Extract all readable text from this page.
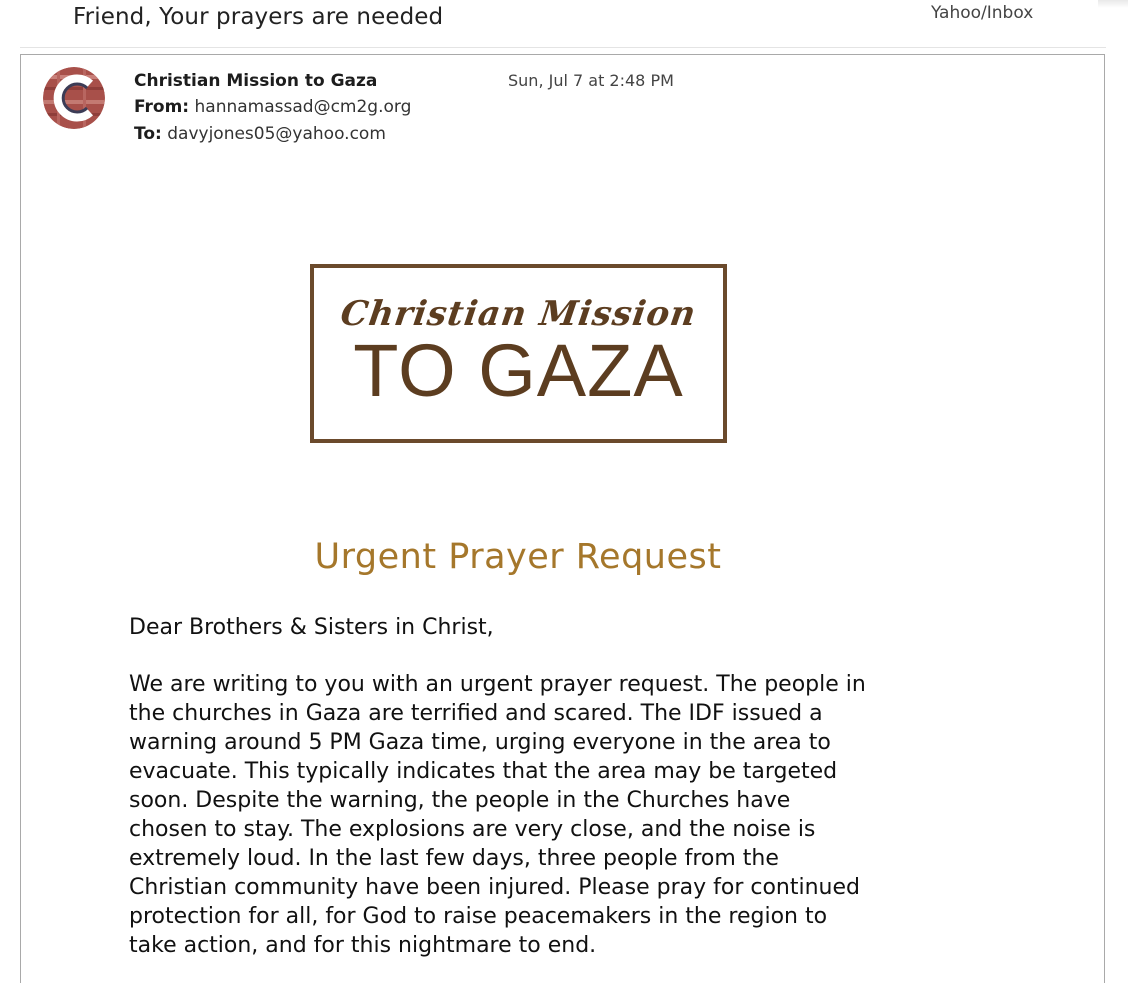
Friend, Your prayers are needed	Yahoo/Inbox
Christian Mission to Gaza	Sun, Jul 7 at 2:48 PM
From: hannamassad@cm2g.org
To: davyjones05@yahoo.com
Christian Mission
TO GAZA
Urgent Prayer Request
Dear Brothers & Sisters in Christ,
We are writing to you with an urgent prayer request. The people in
the churches in Gaza are terrified and scared. The IDF issued a
warning around 5 PM Gaza time, urging everyone in the area to
evacuate. This typically indicates that the area may be targeted
soon. Despite the warning, the people in the Churches have
chosen to stay. The explosions are very close, and the noise is
extremely loud. In the last few days, three people from the
Christian community have been injured. Please pray for continued
protection for all, for God to raise peacemakers in the region to
take action, and for this nightmare to end.
